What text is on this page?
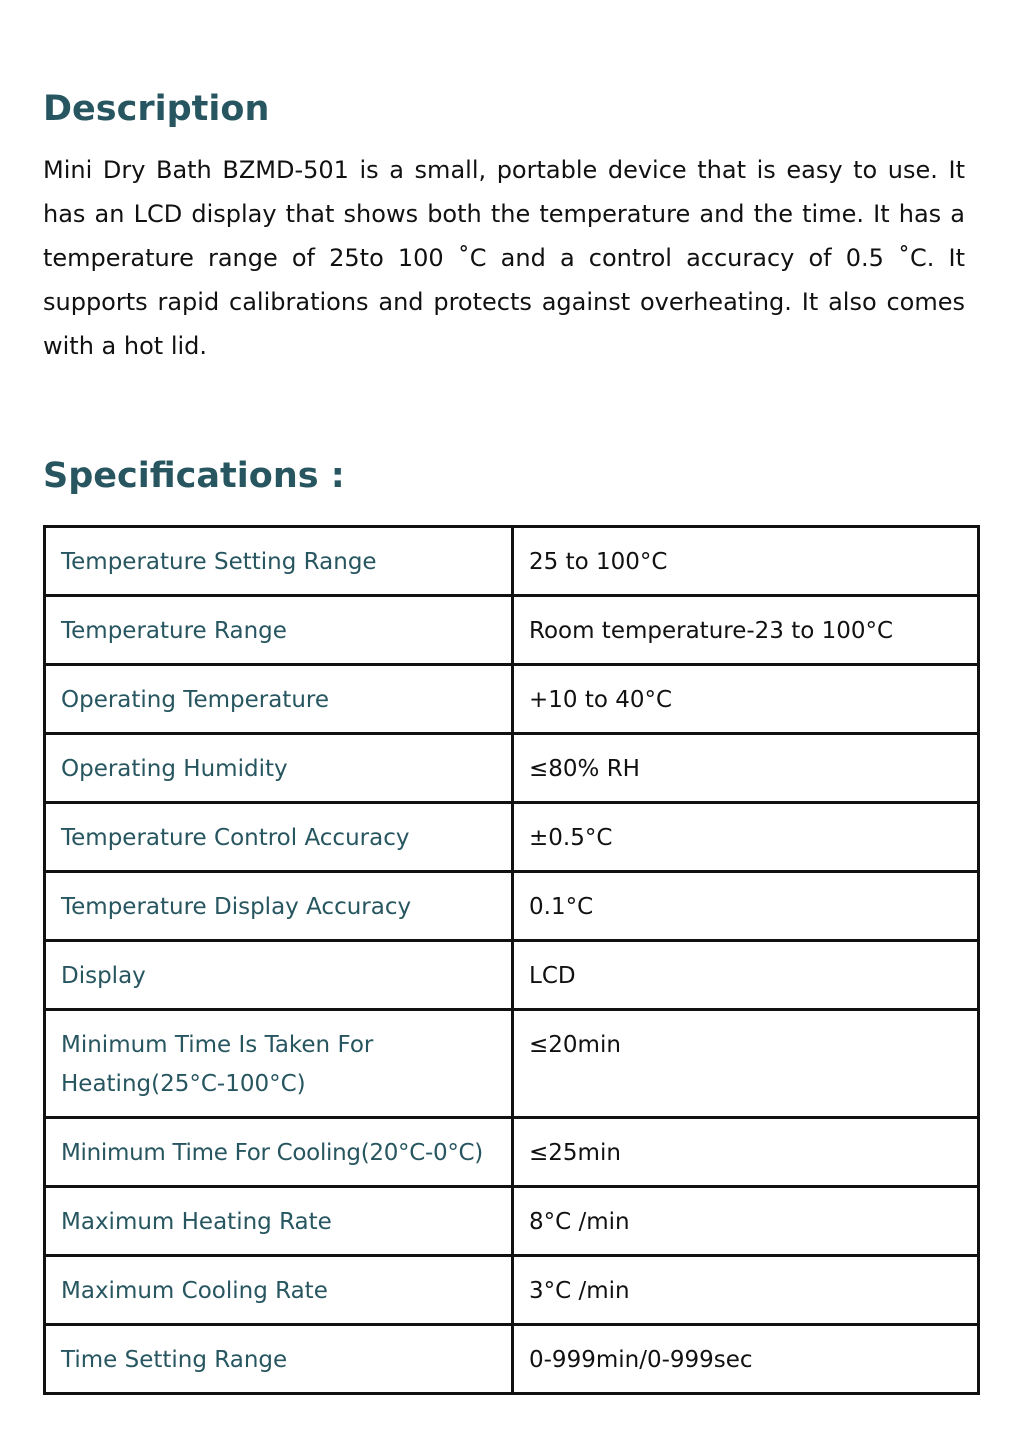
Description

Mini Dry Bath BZMD-501 is a small, portable device that is easy to use. It has an LCD display that shows both the temperature and the time. It has a temperature range of 25to 100 ˚C and a control accuracy of 0.5 ˚C. It supports rapid calibrations and protects against overheating. It also comes with a hot lid.

Specifications :
Temperature Setting Range	25 to 100°C
Temperature Range	Room temperature-23 to 100°C
Operating Temperature	+10 to 40°C
Operating Humidity	≤80% RH
Temperature Control Accuracy	±0.5°C
Temperature Display Accuracy	0.1°C
Display	LCD
Minimum Time Is Taken For Heating(25°C-100°C)	≤20min
Minimum Time For Cooling(20°C-0°C)	≤25min
Maximum Heating Rate	8°C /min
Maximum Cooling Rate	3°C /min
Time Setting Range	0-999min/0-999sec
